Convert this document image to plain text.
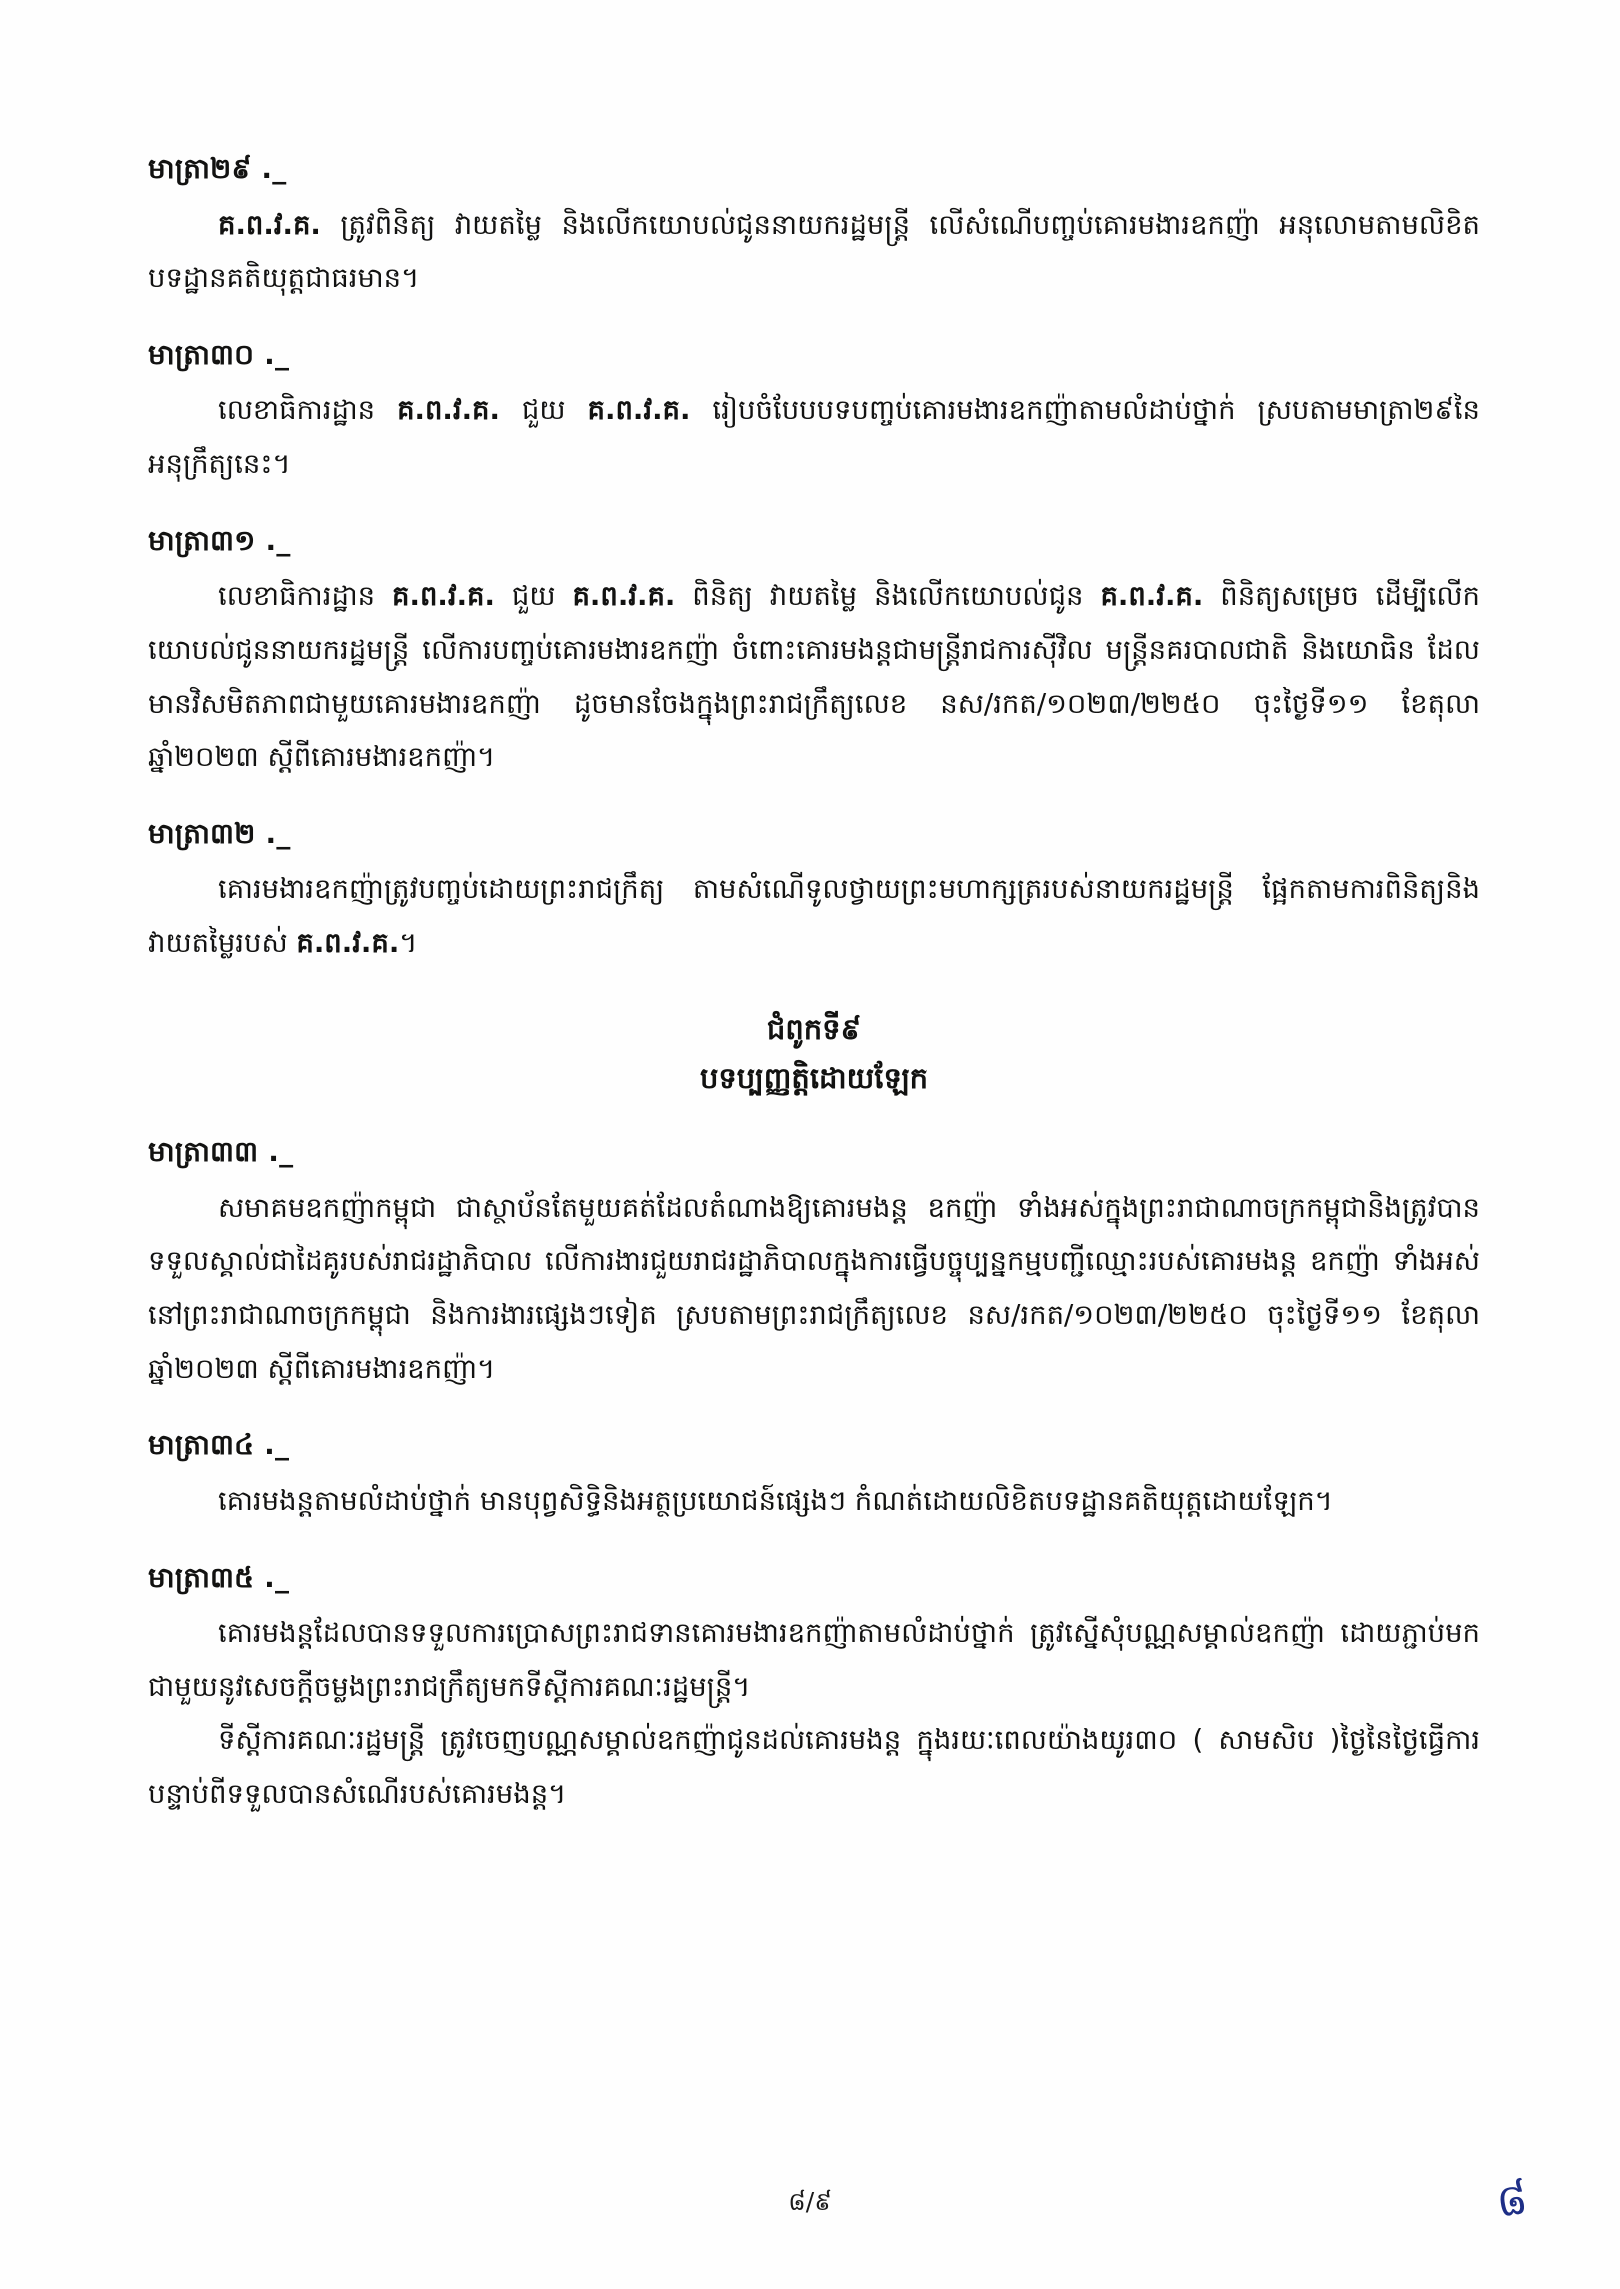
មាត្រា២៩ ._

គ.ព.វ.គ. ត្រូវពិនិត្យ វាយតម្លៃ និងលើកយោបល់ជូននាយករដ្ឋមន្ត្រី លើសំណើបញ្ចប់គោរមងារឧកញ៉ា អនុលោមតាមលិខិតបទដ្ឋានគតិយុត្តជាធរមាន។

មាត្រា៣០ ._

លេខាធិការដ្ឋាន គ.ព.វ.គ. ជួយ គ.ព.វ.គ. រៀបចំបែបបទបញ្ចប់គោរមងារឧកញ៉ាតាមលំដាប់ថ្នាក់ ស្របតាមមាត្រា២៩នៃអនុក្រឹត្យនេះ។

មាត្រា៣១ ._

លេខាធិការដ្ឋាន គ.ព.វ.គ. ជួយ គ.ព.វ.គ. ពិនិត្យ វាយតម្លៃ និងលើកយោបល់ជូន គ.ព.វ.គ. ពិនិត្យសម្រេច ដើម្បីលើកយោបល់ជូននាយករដ្ឋមន្ត្រី លើការបញ្ចប់គោរមងារឧកញ៉ា ចំពោះគោរមងន្តជាមន្ត្រីរាជការស៊ីវិល មន្ត្រីនគរបាលជាតិ និងយោធិន ដែលមានវិសមិតភាពជាមួយគោរមងារឧកញ៉ា ដូចមានចែងក្នុងព្រះរាជក្រឹត្យលេខ នស/រកត/១០២៣/២២៥០ ចុះថ្ងៃទី១១ ខែតុលា ឆ្នាំ២០២៣ ស្ដីពីគោរមងារឧកញ៉ា។

មាត្រា៣២ ._

គោរមងារឧកញ៉ាត្រូវបញ្ចប់ដោយព្រះរាជក្រឹត្យ តាមសំណើទូលថ្វាយព្រះមហាក្សត្ររបស់នាយករដ្ឋមន្ត្រី ផ្អែកតាមការពិនិត្យនិងវាយតម្លៃរបស់ គ.ព.វ.គ.។

ជំពូកទី៩
បទប្បញ្ញត្តិដោយឡែក
មាត្រា៣៣ ._

សមាគមឧកញ៉ាកម្ពុជា ជាស្ថាប័នតែមួយគត់ដែលតំណាងឱ្យគោរមងន្ត ឧកញ៉ា ទាំងអស់ក្នុងព្រះរាជាណាចក្រកម្ពុជានិងត្រូវបានទទួលស្គាល់ជាដៃគូរបស់រាជរដ្ឋាភិបាល លើការងារជួយរាជរដ្ឋាភិបាលក្នុងការធ្វើបច្ចុប្បន្នកម្មបញ្ជីឈ្មោះរបស់គោរមងន្ត ឧកញ៉ា ទាំងអស់នៅព្រះរាជាណាចក្រកម្ពុជា និងការងារផ្សេងៗទៀត ស្របតាមព្រះរាជក្រឹត្យលេខ នស/រកត/១០២៣/២២៥០ ចុះថ្ងៃទី១១ ខែតុលា ឆ្នាំ២០២៣ ស្ដីពីគោរមងារឧកញ៉ា។

មាត្រា៣៤ ._

គោរមងន្តតាមលំដាប់ថ្នាក់ មានបុព្វសិទ្ធិនិងអត្ថប្រយោជន៍ផ្សេងៗ កំណត់ដោយលិខិតបទដ្ឋានគតិយុត្តដោយឡែក។

មាត្រា៣៥ ._

គោរមងន្តដែលបានទទួលការប្រោសព្រះរាជទានគោរមងារឧកញ៉ាតាមលំដាប់ថ្នាក់ ត្រូវស្នើសុំបណ្ណសម្គាល់ឧកញ៉ា ដោយភ្ជាប់មកជាមួយនូវសេចក្ដីចម្លងព្រះរាជក្រឹត្យមកទីស្ដីការគណៈរដ្ឋមន្ត្រី។

ទីស្ដីការគណៈរដ្ឋមន្ត្រី ត្រូវចេញបណ្ណសម្គាល់ឧកញ៉ាជូនដល់គោរមងន្ត ក្នុងរយៈពេលយ៉ាងយូរ៣០ ( សាមសិប )ថ្ងៃនៃថ្ងៃធ្វើការ បន្ទាប់ពីទទួលបានសំណើរបស់គោរមងន្ត។

៨/៩	៨
